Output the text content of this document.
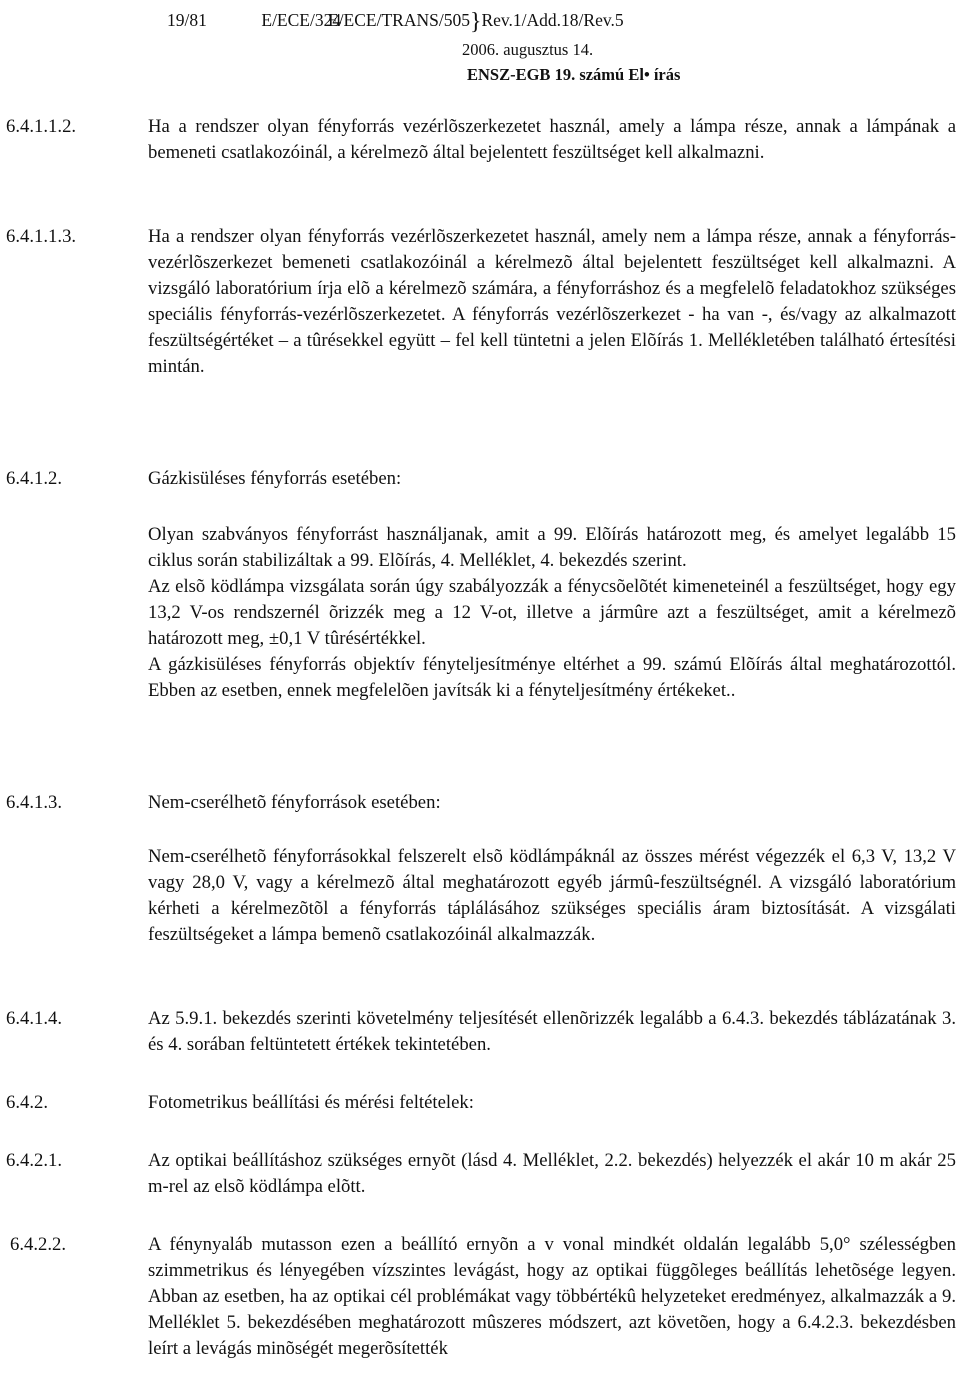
19/81	E/ECE/324
E/ECE/TRANS/505}Rev.1/Add.18/Rev.5
2006. augusztus 14.
ENSZ-EGB 19. számú El• írás
6.4.1.1.2.	Ha a rendszer olyan fényforrás vezérlõszerkezetet használ, amely a lámpa része, annak a lámpának a bemeneti csatlakozóinál, a kérelmezõ által bejelentett feszültséget kell alkalmazni.
6.4.1.1.3.	Ha a rendszer olyan fényforrás vezérlõszerkezetet használ, amely nem a lámpa része, annak a fényforrás-vezérlõszerkezet bemeneti csatlakozóinál a kérelmezõ által bejelentett feszültséget kell alkalmazni. A vizsgáló laboratórium írja elõ a kérelmezõ számára, a fényforráshoz és a megfelelõ feladatokhoz szükséges speciális fényforrás-vezérlõszerkezetet. A fényforrás vezérlõszerkezet - ha van -, és/vagy az alkalmazott feszültségértéket – a tûrésekkel együtt – fel kell tüntetni a jelen Elõírás 1. Mellékletében található értesítési mintán.
6.4.1.2.	Gázkisüléses fényforrás esetében:

Olyan szabványos fényforrást használjanak, amit a 99. Elõírás határozott meg, és amelyet legalább 15 ciklus során stabilizáltak a 99. Elõírás, 4. Melléklet, 4. bekezdés szerint.

Az elsõ ködlámpa vizsgálata során úgy szabályozzák a fénycsõelõtét kimeneteinél a feszültséget, hogy egy 13,2 V-os rendszernél õrizzék meg a 12 V-ot, illetve a jármûre azt a feszültséget, amit a kérelmezõ határozott meg, ±0,1 V tûrésértékkel.

A gázkisüléses fényforrás objektív fényteljesítménye eltérhet a 99. számú Elõírás által meghatározottól. Ebben az esetben, ennek megfelelõen javítsák ki a fényteljesítmény értékeket..

6.4.1.3.	Nem-cserélhetõ fényforrások esetében:

Nem-cserélhetõ fényforrásokkal felszerelt elsõ ködlámpáknál az összes mérést végezzék el 6,3 V, 13,2 V vagy 28,0 V, vagy a kérelmezõ által meghatározott egyéb jármû-feszültségnél. A vizsgáló laboratórium kérheti a kérelmezõtõl a fényforrás táplálásához szükséges speciális áram biztosítását. A vizsgálati feszültségeket a lámpa bemenõ csatlakozóinál alkalmazzák.

6.4.1.4.	Az 5.9.1. bekezdés szerinti követelmény teljesítését ellenõrizzék legalább a 6.4.3. bekezdés táblázatának 3. és 4. sorában feltüntetett értékek tekintetében.
6.4.2.	Fotometrikus beállítási és mérési feltételek:
6.4.2.1.	Az optikai beállításhoz szükséges ernyõt (lásd 4. Melléklet, 2.2. bekezdés) helyezzék el akár 10 m akár 25 m-rel az elsõ ködlámpa elõtt.
6.4.2.2.	A fénynyaláb mutasson ezen a beállító ernyõn a v vonal mindkét oldalán legalább 5,0° szélességben szimmetrikus és lényegében vízszintes levágást, hogy az optikai függõleges beállítás lehetõsége legyen. Abban az esetben, ha az optikai cél problémákat vagy többértékû helyzeteket eredményez, alkalmazzák a 9. Melléklet 5. bekezdésében meghatározott mûszeres módszert, azt követõen, hogy a 6.4.2.3. bekezdésben leírt a levágás minõségét megerõsítették
